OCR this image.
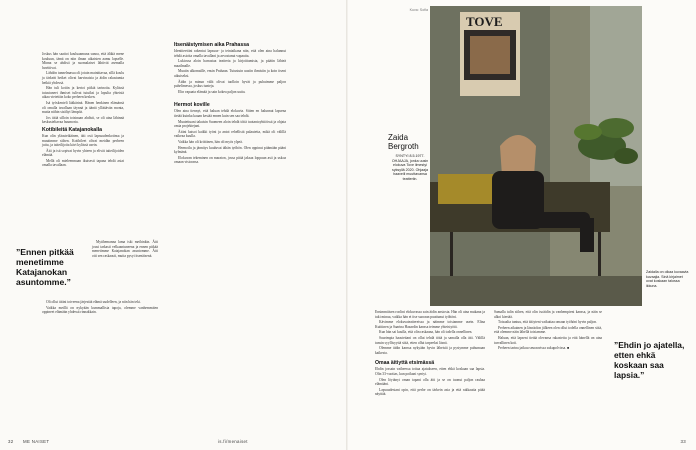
Joskus hän saattoi kouluaamuna sanoa, että äläkä mene kouluun, tämä on niin ilman aikaisten aamu lapselle. Minna se ahdisti ja suomalaiset lähtivät asemalla huvittivat.

Lähdön tunnelmassa oli jotain mainittavaa, sillä koulu ja tärkeät hetket olivat harvinaisia ja äidin rakastamia hetkiä yhdessä.

Hän tuli kotiin ja kertoi pitkiä tarinoita. Kylässä tutustuneet ihmiset tulivat tutuiksi ja lopulta yhteistä aikaa vietettiin koko perheen kesken.

Isä työskenteli lääkärinä. Hänen henkinen elämänsä oli omalla tavallaan täynnä ja ääntä yllättävän monta, mutta niihin sisältyi lämpöä.

Jos äitiä silloin toisinaan ahdisti, se oli aina lähinnä keskusteltavaa huumoria.

Kotibileitä Katajanokalla

Kun olin yläasteikäinen, äiti osti lapsuudenkotinsa ja muutimme siihen. Kotibileet olivat meidän perheen juttu, ja taiteilijoita kävi kylässä usein.

Äiti ja isä sopivat hyvin yhteen ja elivät taiteilijoiden elämää.

Mellä oli mieleenmaan ikuisesti tapana tehdä asiat omalla tavallaan.

”Ennen pitkää menetimme Katajanokan asuntomme.”

Mytihemanna lama iski meihinkin. Äiti jousi tarkasti velkaantuneena ja ennen pitkää menetimme Katajanokan asuntomme. Äiti otti sen raskaasti, mutta pysyi itsenäisenä.

Oli ollut äitini toiveena järjestää elämä uudelleen, ja niin hän teki.

Vaikka meillä on nykyään kummallisia tapoja, olemme vanhemmiten oppineet elämään yhdessä rinnakkain.

Itsenäistymisen aika Prahassa

Identiteettini rakentui lapsuus- ja teiniaikana niin, että olen aina halunnut tehdä asioita omalla tavallani ja arvostanut vapautta.

Lukiossa aloin harrastaa teatteria ja kirjoittamista, ja päätin lähteä maailmalle.

Muutin ulkomaille, ensin Prahaan. Tutustuin uusiin ihmisiin ja koin itseni aikuiseksi.

Äidin ja minun välit olivat tuolloin hyvät ja puhuimme paljon puhelimessa, joskus tunteja.

Elin vapaata elämää ja sain kokea paljon uutta.

Hermot koville

Olen aina tiennyt, että haluan tehdä elokuvia. Sitten en halunnut lapsena tietää kuinka kauan kestää ennen kuin sen saa tehdä.

Muutettuani takaisin Suomeen aloin tehdä töitä tuotantoyhtiöissä ja ohjata omia projektejani.

Äitini katsoi kaikki työni ja antoi rehellistä palautetta, mikä oli välillä vaikeaa kuulla.

Vaikka hän oli kriittinen, hän oli myös ylpeä.

Hermoilu ja jännitys kuuluvat tähän työhön. Olen oppinut pitämään pääni kylmänä.

Elokuvan tekeminen on maraton, jossa pitää jaksaa loppuun asti ja uskoa omaan visioonsa.

32 ME NAISET	is.fi/menaiset
TOVE
Kuva: Sofia
Zaida Bergroth
SYNTYI 8.5.1977. OHJAAJA, jonka uusin elokuva Tove ilmestyi syksyllä 2020. Ohjaaja haaveili muuttavansa teatteriin.
Zaidalla on olkaa kuvaavia kuvaajia. Sinä kirjaimet ovat koskaan talossa ikkuna.

Ensimmäisen roolini elokuvassa sain äidin ansiosta. Hän oli aina mukana ja tuki minua, vaikka hän ei itse suoraan puuttunut työhöni.

Kävimme elokuvateattereissa ja näimme toisiamme usein. Elina Kuittinen ja Saarina Hazardin kanssa teimme yhteistyötä.

Kun hän sai kuulla, että olin raskaana, hän oli todella onnellinen.

Suurimpia haasteitani on ollut tehdä töitä ja samalla olla äiti. Välillä tunsin syyllisyyttä siitä, etten ollut tarpeeksi läsnä.

Olemme äidin kanssa nykyään hyvin läheisiä ja pystymme puhumaan kaikesta.

Omaa äitiyttä etsimässä

Ehdin jossain vaiheessa tottua ajatukseen, etten ehkä koskaan saa lapsia. Olin 33-vuotias, kun poikani syntyi.

Olen löytänyt oman tapani olla äiti ja se on tuonut paljon rauhaa elämääni.

Lapsuudestani opin, että perhe on tärkein asia ja että rakkautta pitää näyttää.

Samalla tulin siihen, että olin isoäidin ja vanhempieni kanssa, ja näin se alkoi kiertää.

Toisaalta tuntuu, että äitiyteni vaikuttaa omaan työhöni hyvin paljon.

Perheen aikainen ja läsnäolon jälkeen olen ollut todella onnellinen siitä, että olemme näin lähellä toisiamme.

Haluan, että lapseni tietää olevansa rakastettu ja että hänellä on aina turvallinen koti.

Perheen tarina jatkuu seuraavissa sukupolvissa. ■	”Ehdin jo ajatella, etten ehkä koskaan saa lapsia.”
33
